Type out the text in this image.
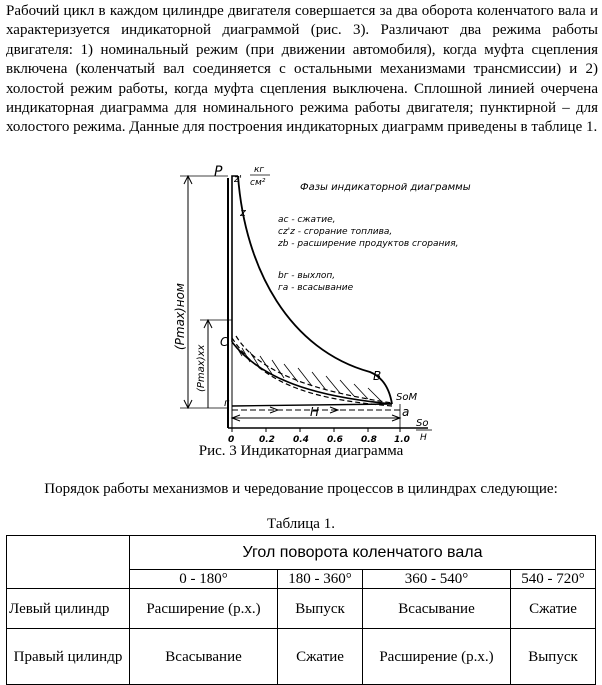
Рабочий цикл в каждом цилиндре двигателя совершается за два оборота коленчатого вала и характеризуется индикаторной диаграммой (рис. 3). Различают два режима работы двигателя: 1) номинальный режим (при движении автомобиля), когда муфта сцепления включена (коленчатый вал соединяется с остальными механизмами трансмиссии) и 2) холостой режим работы, когда муфта сцепления выключена. Сплошной линией очерчена индикаторная диаграмма для номинального режима работы двигателя; пунктирной – для холостого режима. Данные для построения индикаторных диаграмм приведены в таблице 1.

P z'
кг
см²
z
C
B
г
a
H
SoM
So
H
(Pmax)ном
(Pmax)хх
0	0.2 0.4 0.6 0.8 1.0
Фазы индикаторной диаграммы
ас - сжатие,
cz'z - сгорание топлива,
zb - расширение продуктов сгорания,
bг - выхлоп,
га - всасывание

Рис. 3 Индикаторная диаграмма

Порядок работы механизмов и чередование процессов в цилиндрах следующие:

Таблица 1.

	Угол поворота коленчатого вала			
	0 - 180°	180 - 360°	360 - 540°	540 - 720°
Левый цилиндр	Расширение (р.х.)	Выпуск	Всасывание	Сжатие
Правый цилиндр	Всасывание	Сжатие	Расширение (р.х.)	Выпуск
